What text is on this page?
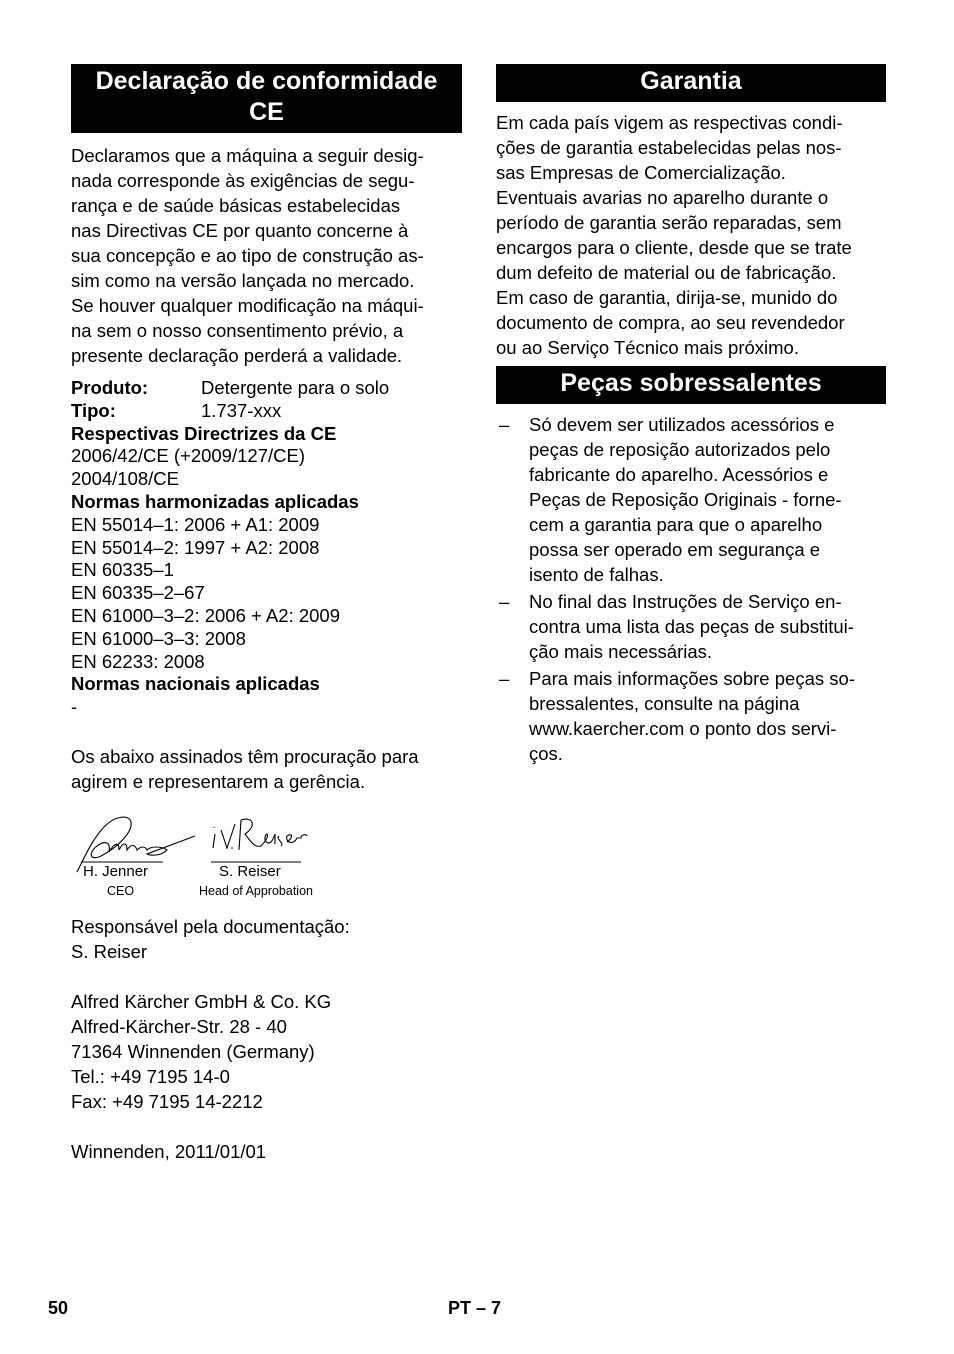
Declaração de conformidade CE

Declaramos que a máquina a seguir desig-
nada corresponde às exigências de segu-
rança e de saúde básicas estabelecidas
nas Directivas CE por quanto concerne à
sua concepção e ao tipo de construção as-
sim como na versão lançada no mercado.
Se houver qualquer modificação na máqui-
na sem o nosso consentimento prévio, a
presente declaração perderá a validade.

Produto:	Detergente para o solo
Tipo:	1.737-xxx
Respectivas Directrizes da CE
2006/42/CE (+2009/127/CE)
2004/108/CE
Normas harmonizadas aplicadas
EN 55014–1: 2006 + A1: 2009
EN 55014–2: 1997 + A2: 2008
EN 60335–1
EN 60335–2–67
EN 61000–3–2: 2006 + A2: 2009
EN 61000–3–3: 2008
EN 62233: 2008
Normas nacionais aplicadas
-

Os abaixo assinados têm procuração para
agirem e representarem a gerência.

H. Jenner
CEO
S. Reiser
Head of Approbation

Responsável pela documentação:
S. Reiser

Alfred Kärcher GmbH & Co. KG
Alfred-Kärcher-Str. 28 - 40
71364 Winnenden (Germany)
Tel.: +49 7195 14-0
Fax: +49 7195 14-2212

Winnenden, 2011/01/01

Garantia

Em cada país vigem as respectivas condi-
ções de garantia estabelecidas pelas nos-
sas Empresas de Comercialização.
Eventuais avarias no aparelho durante o
período de garantia serão reparadas, sem
encargos para o cliente, desde que se trate
dum defeito de material ou de fabricação.
Em caso de garantia, dirija-se, munido do
documento de compra, ao seu revendedor
ou ao Serviço Técnico mais próximo.

Peças sobressalentes
– Só devem ser utilizados acessórios e
peças de reposição autorizados pelo
fabricante do aparelho. Acessórios e
Peças de Reposição Originais - forne-
cem a garantia para que o aparelho
possa ser operado em segurança e
isento de falhas.
– No final das Instruções de Serviço en-
contra uma lista das peças de substitui-
ção mais necessárias.
– Para mais informações sobre peças so-
bressalentes, consulte na página
www.kaercher.com o ponto dos servi-
ços.
50	PT – 7
